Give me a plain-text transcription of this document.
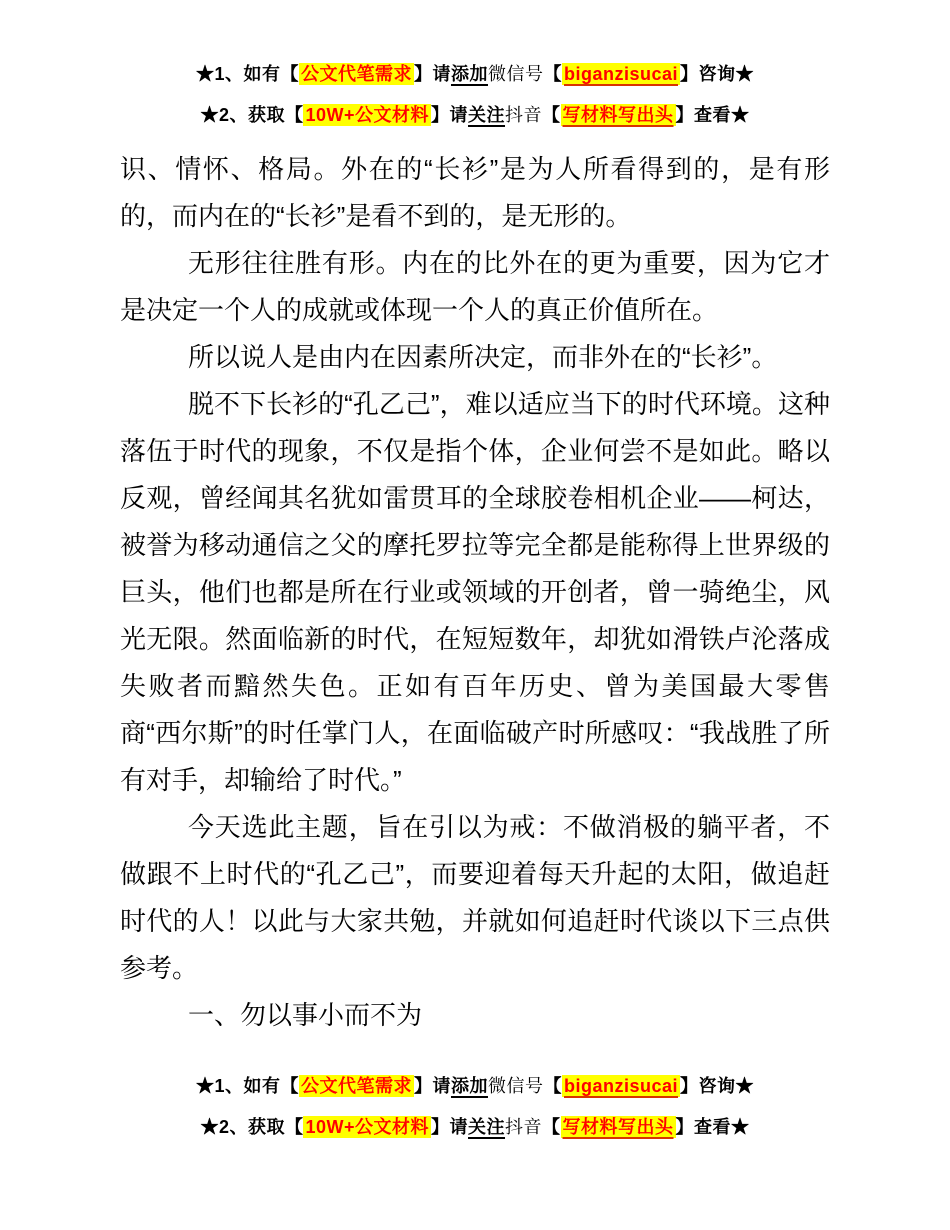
★1、如有【 公文代笔需求 】请添加微信号【 biganzisucai 】咨询★
★2、获取【 10W+公文材料 】请关注抖音【 写材料写出头 】查看★

识、情怀、格局。外在的“长衫”是为人所看得到的，是有形的，而内在的“长衫”是看不到的，是无形的。

无形往往胜有形。内在的比外在的更为重要，因为它才是决定一个人的成就或体现一个人的真正价值所在。

所以说人是由内在因素所决定，而非外在的“长衫”。

脱不下长衫的“孔乙己”，难以适应当下的时代环境。这种落伍于时代的现象，不仅是指个体，企业何尝不是如此。略以反观，曾经闻其名犹如雷贯耳的全球胶卷相机企业——柯达，被誉为移动通信之父的摩托罗拉等完全都是能称得上世界级的巨头，他们也都是所在行业或领域的开创者，曾一骑绝尘，风光无限。然面临新的时代，在短短数年，却犹如滑铁卢沦落成失败者而黯然失色。正如有百年历史、曾为美国最大零售商“西尔斯”的时任掌门人，在面临破产时所感叹：“我战胜了所有对手，却输给了时代。”

今天选此主题，旨在引以为戒：不做消极的躺平者，不做跟不上时代的“孔乙己”，而要迎着每天升起的太阳，做追赶时代的人！以此与大家共勉，并就如何追赶时代谈以下三点供参考。

一、勿以事小而不为

★1、如有【 公文代笔需求 】请添加微信号【 biganzisucai 】咨询★
★2、获取【 10W+公文材料 】请关注抖音【 写材料写出头 】查看★
